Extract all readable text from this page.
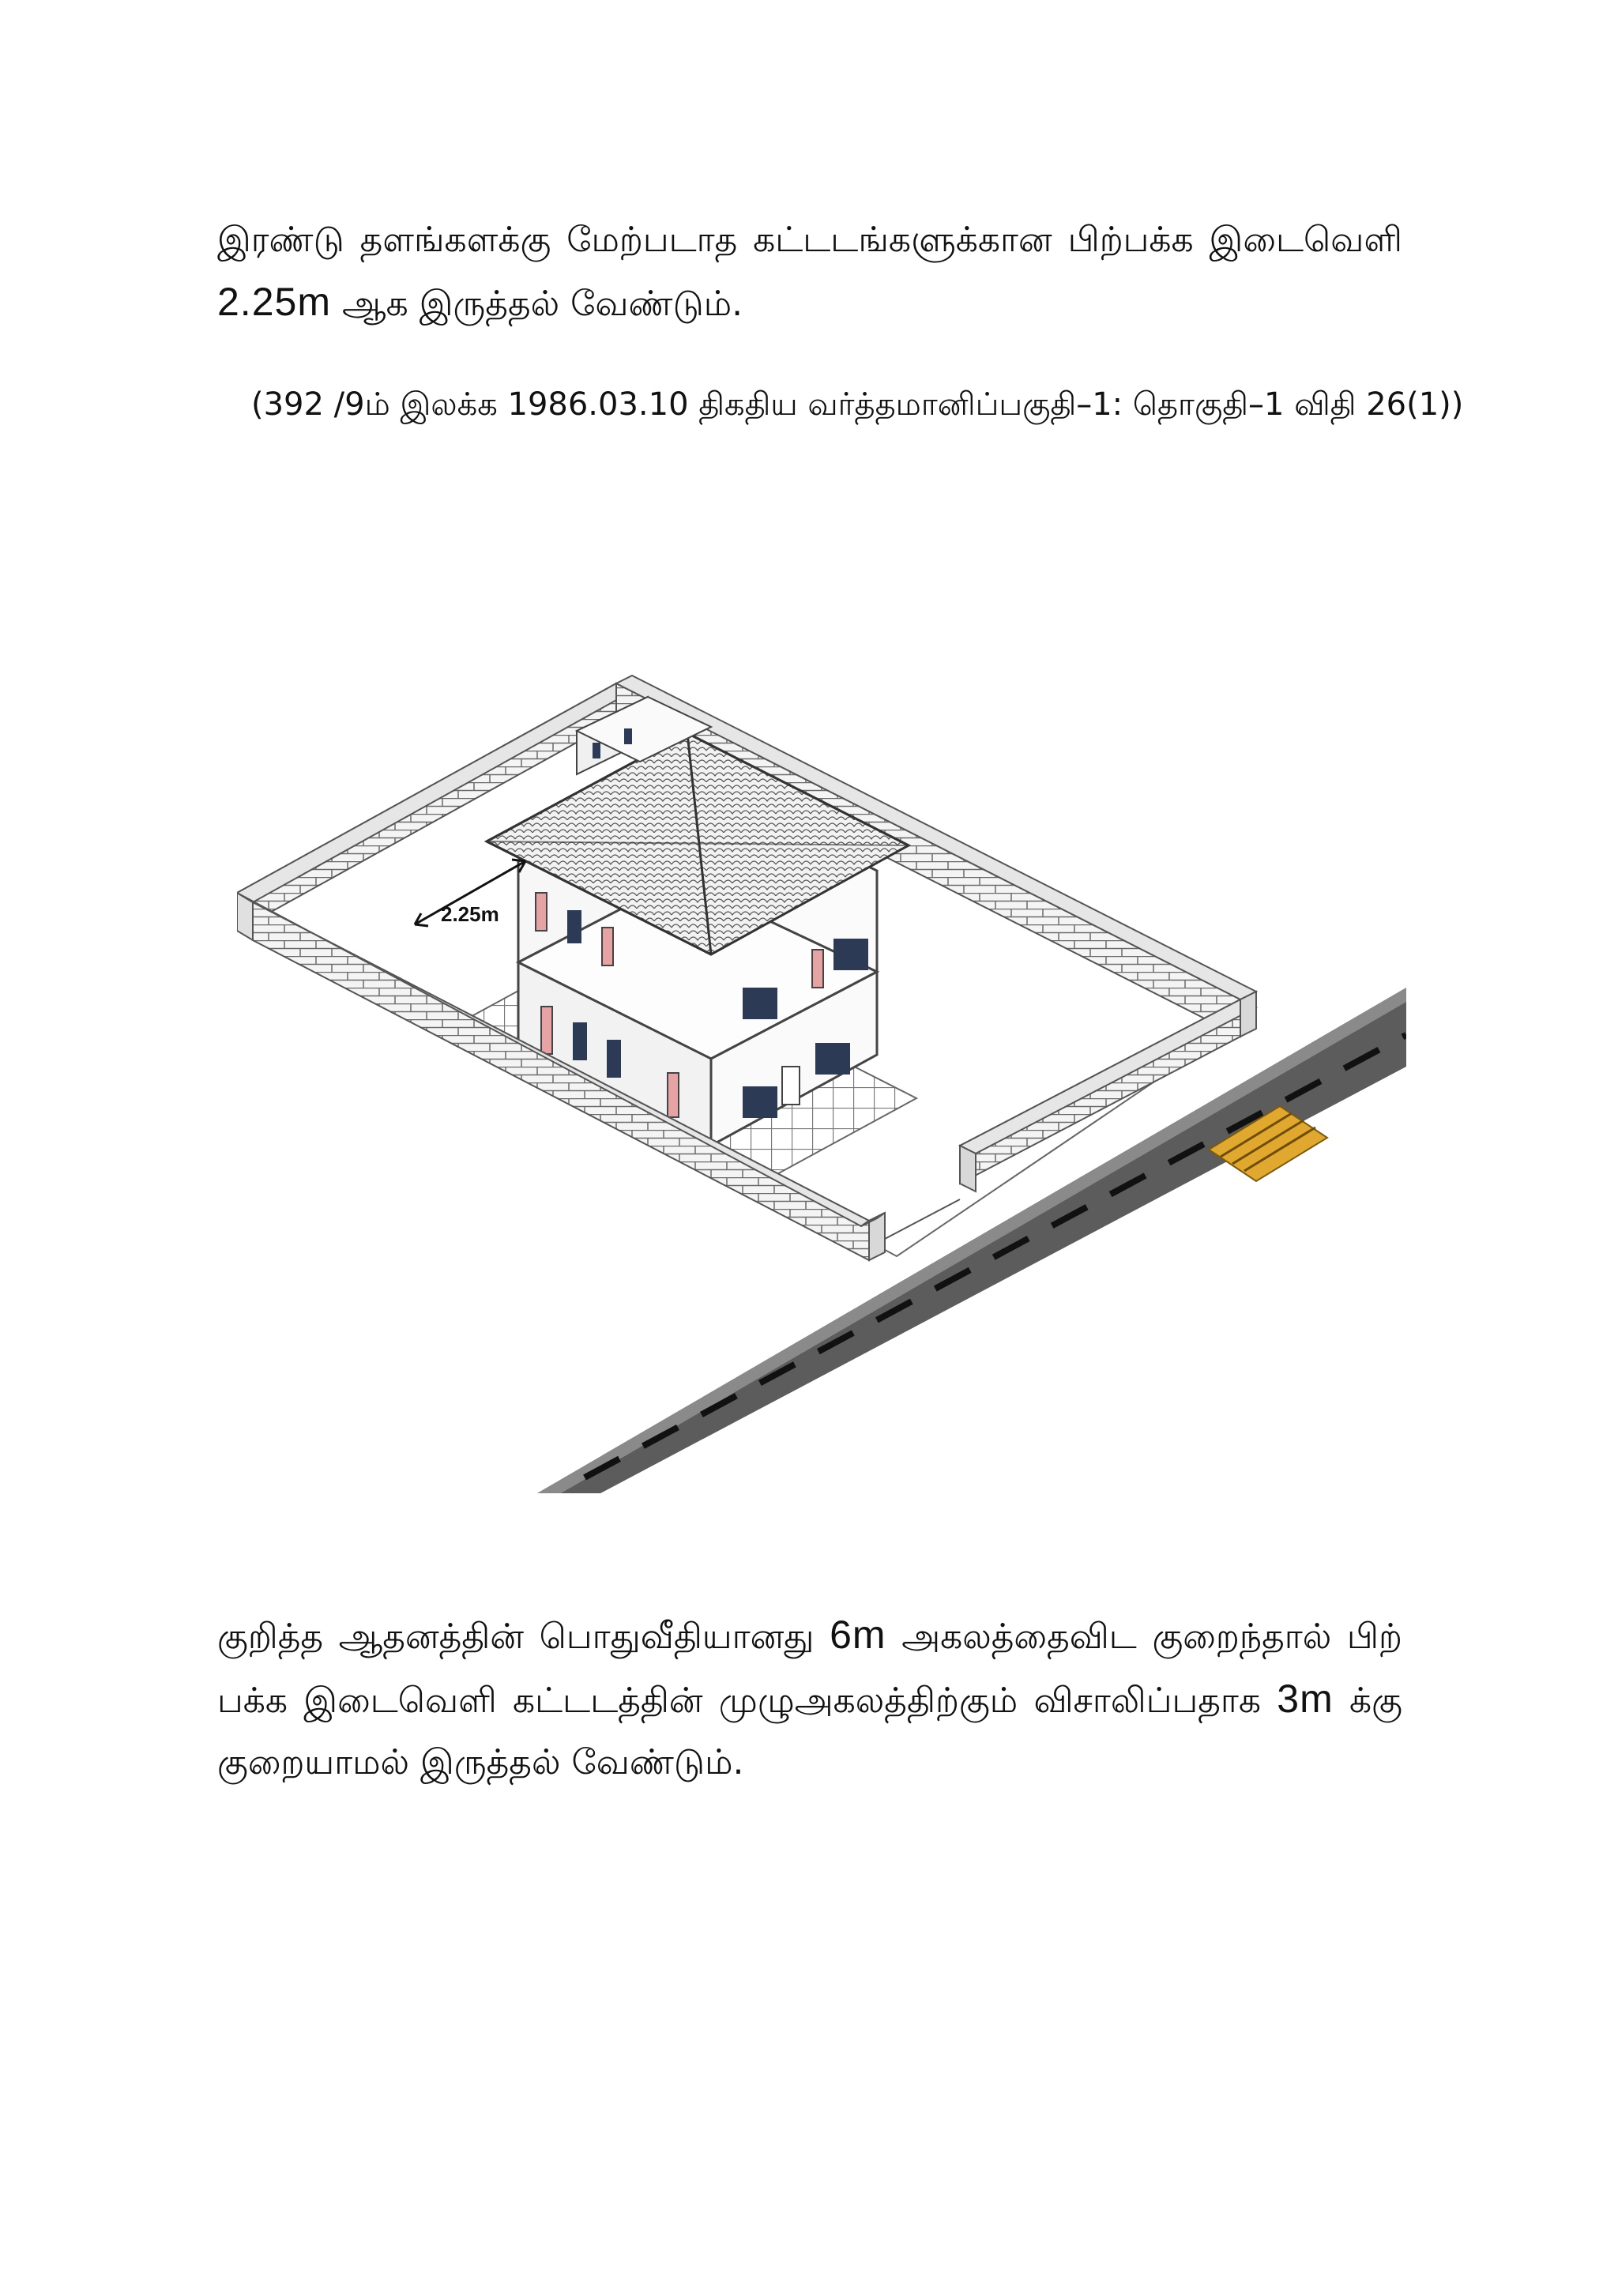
இரண்டு தளங்களக்கு மேற்படாத கட்டடங்களுக்கான பிற்பக்க இடைவெளி 2.25m ஆக இருத்தல் வேண்டும்.

(392 /9ம் இலக்க 1986.03.10 திகதிய வர்த்தமானிப்பகுதி–1: தொகுதி–1 விதி 26(1))

2.25m

குறித்த ஆதனத்தின் பொதுவீதியானது 6m அகலத்தைவிட குறைந்தால் பிற் பக்க இடைவெளி கட்டடத்தின் முழுஅகலத்திற்கும் விசாலிப்பதாக 3m க்கு குறையாமல் இருத்தல் வேண்டும்.
